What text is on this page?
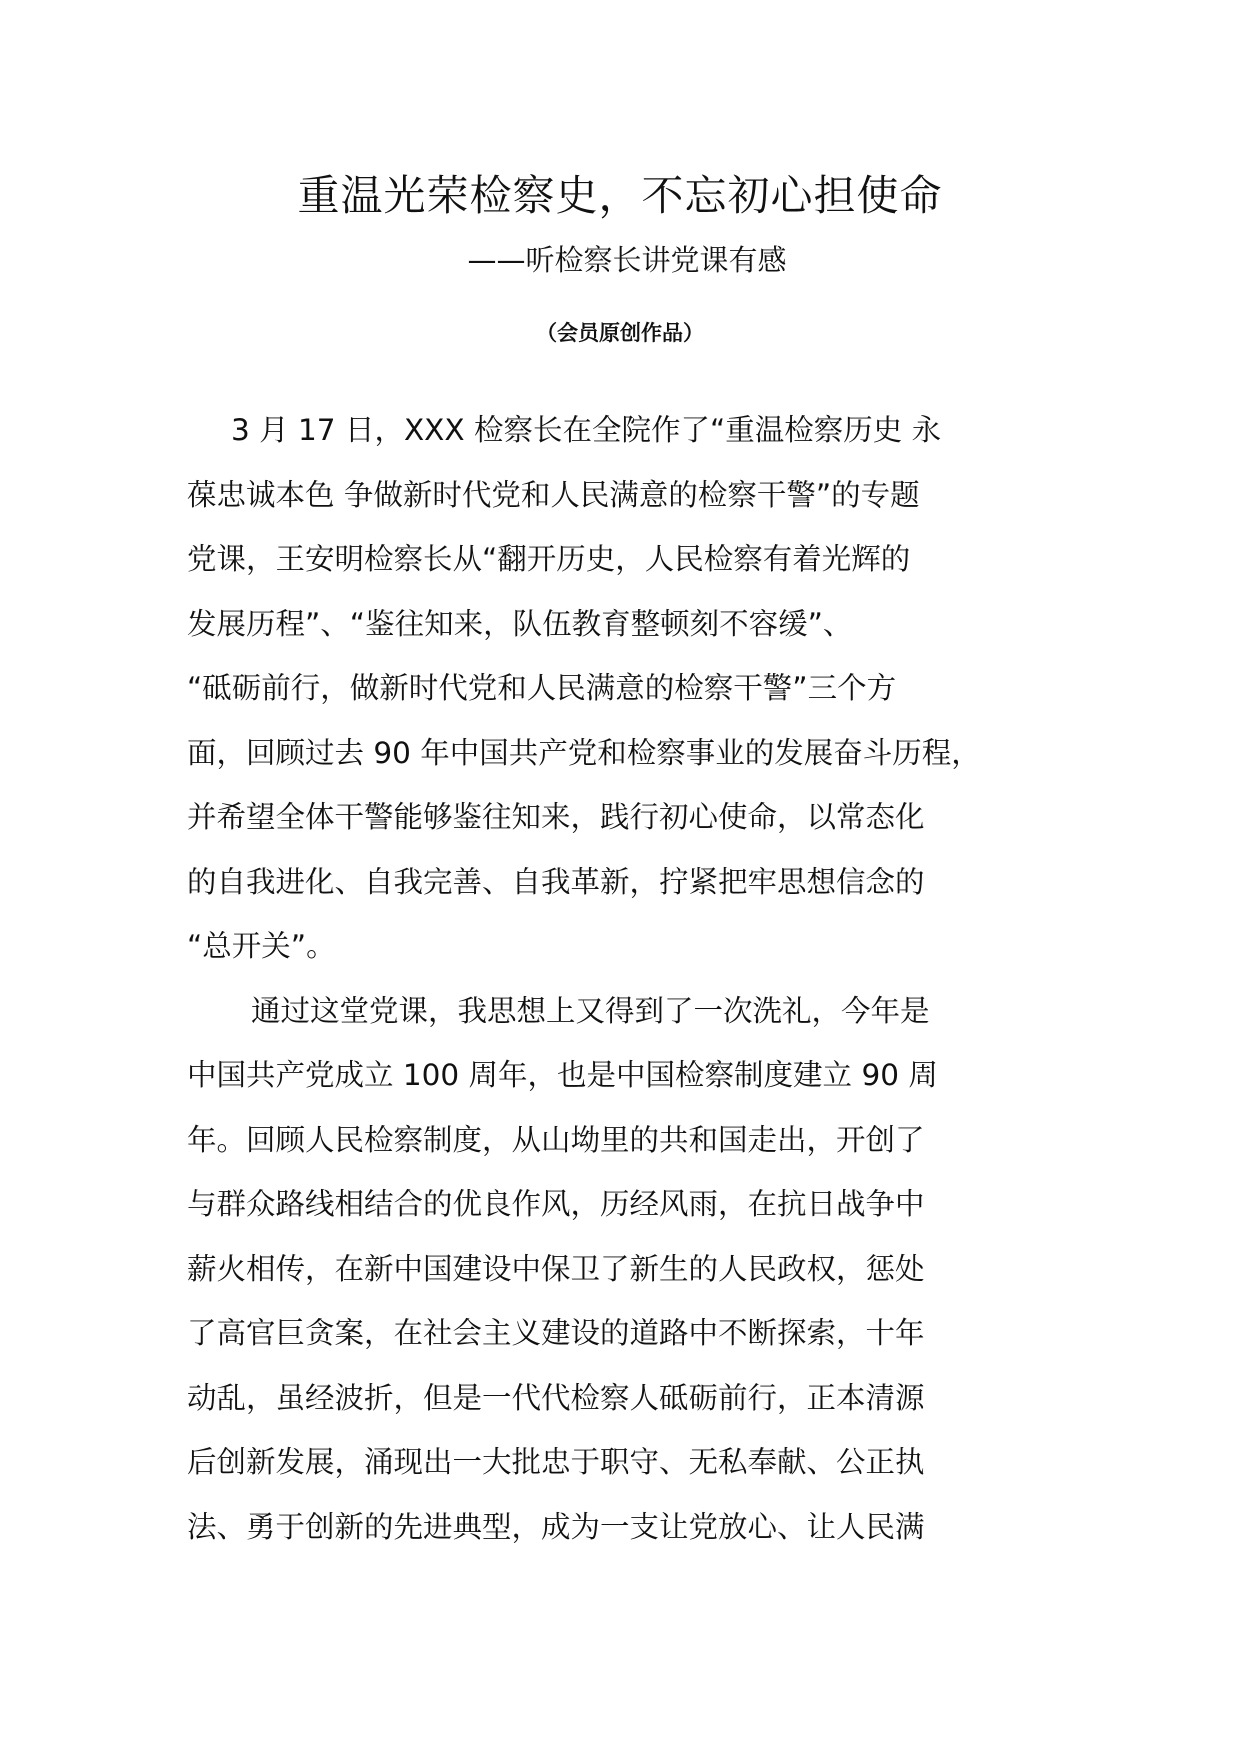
重温光荣检察史，不忘初心担使命
——听检察长讲党课有感
（会员原创作品）
3 月 17 日，XXX 检察长在全院作了“重温检察历史 永
葆忠诚本色 争做新时代党和人民满意的检察干警”的专题
党课，王安明检察长从“翻开历史，人民检察有着光辉的
发展历程”、“鉴往知来，队伍教育整顿刻不容缓”、
“砥砺前行，做新时代党和人民满意的检察干警”三个方
面，回顾过去 90 年中国共产党和检察事业的发展奋斗历程，
并希望全体干警能够鉴往知来，践行初心使命，以常态化
的自我进化、自我完善、自我革新，拧紧把牢思想信念的
“总开关”。
通过这堂党课，我思想上又得到了一次洗礼，今年是
中国共产党成立 100 周年，也是中国检察制度建立 90 周
年。回顾人民检察制度，从山坳里的共和国走出，开创了
与群众路线相结合的优良作风，历经风雨，在抗日战争中
薪火相传，在新中国建设中保卫了新生的人民政权，惩处
了高官巨贪案，在社会主义建设的道路中不断探索，十年
动乱，虽经波折，但是一代代检察人砥砺前行，正本清源
后创新发展，涌现出一大批忠于职守、无私奉献、公正执
法、勇于创新的先进典型，成为一支让党放心、让人民满
